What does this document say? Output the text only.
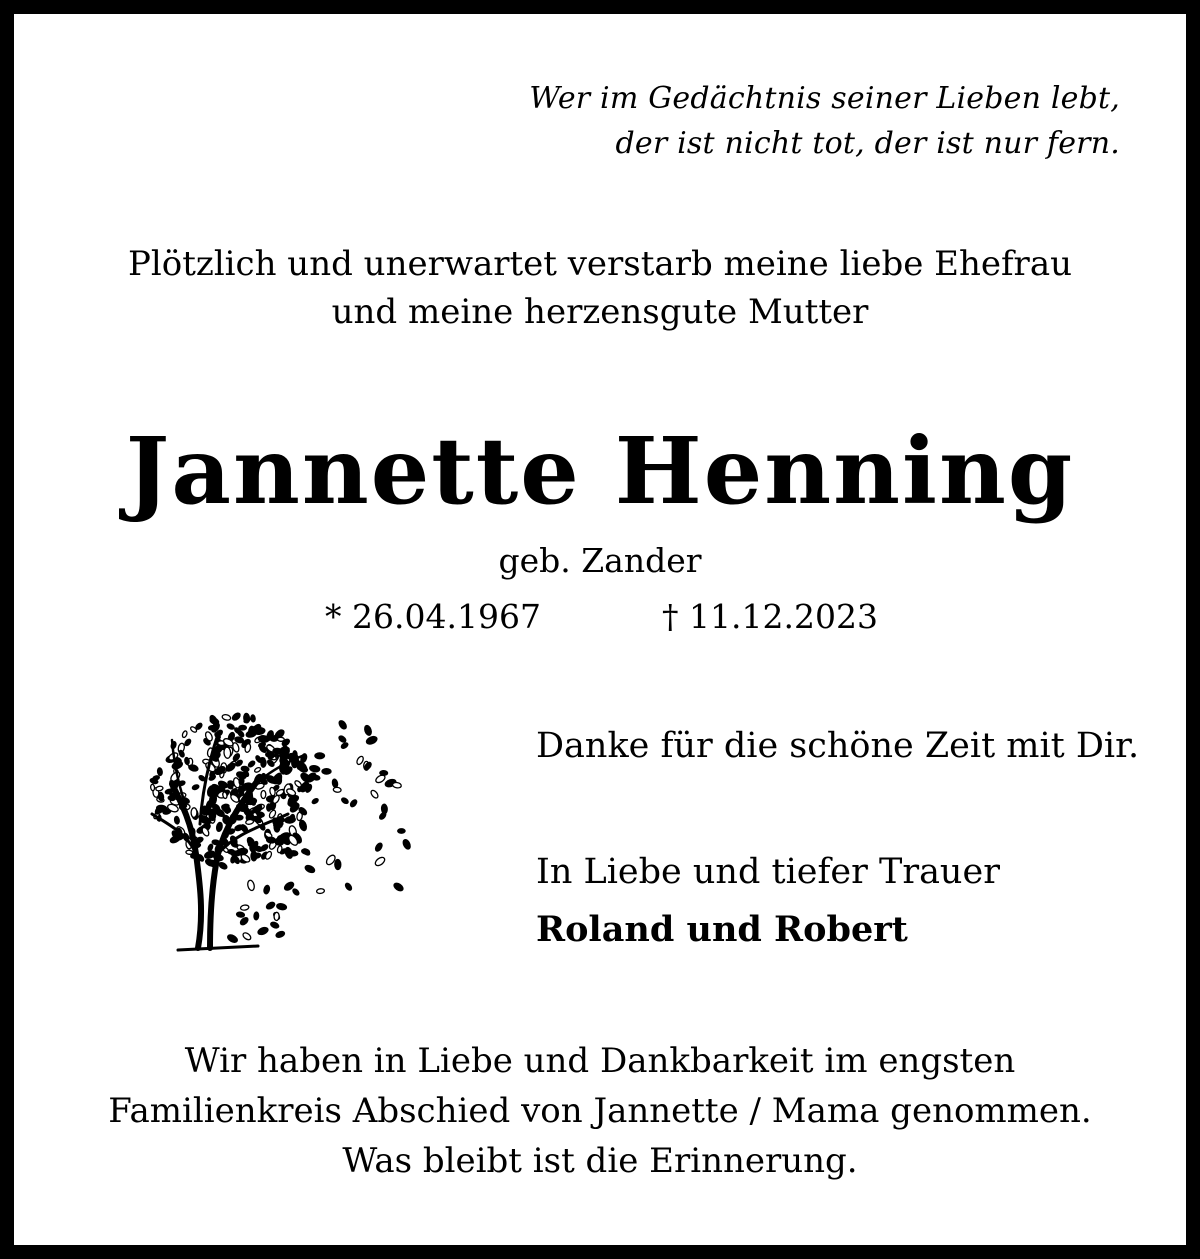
Wer im Gedächtnis seiner Lieben lebt,
der ist nicht tot, der ist nur fern.
Plötzlich und unerwartet verstarb meine liebe Ehefrau
und meine herzensgute Mutter
Jannette Henning
geb. Zander
* 26.04.1967	† 11.12.2023
Danke für die schöne Zeit mit Dir.
In Liebe und tiefer Trauer
Roland und Robert
Wir haben in Liebe und Dankbarkeit im engsten
Familienkreis Abschied von Jannette / Mama genommen.
Was bleibt ist die Erinnerung.
